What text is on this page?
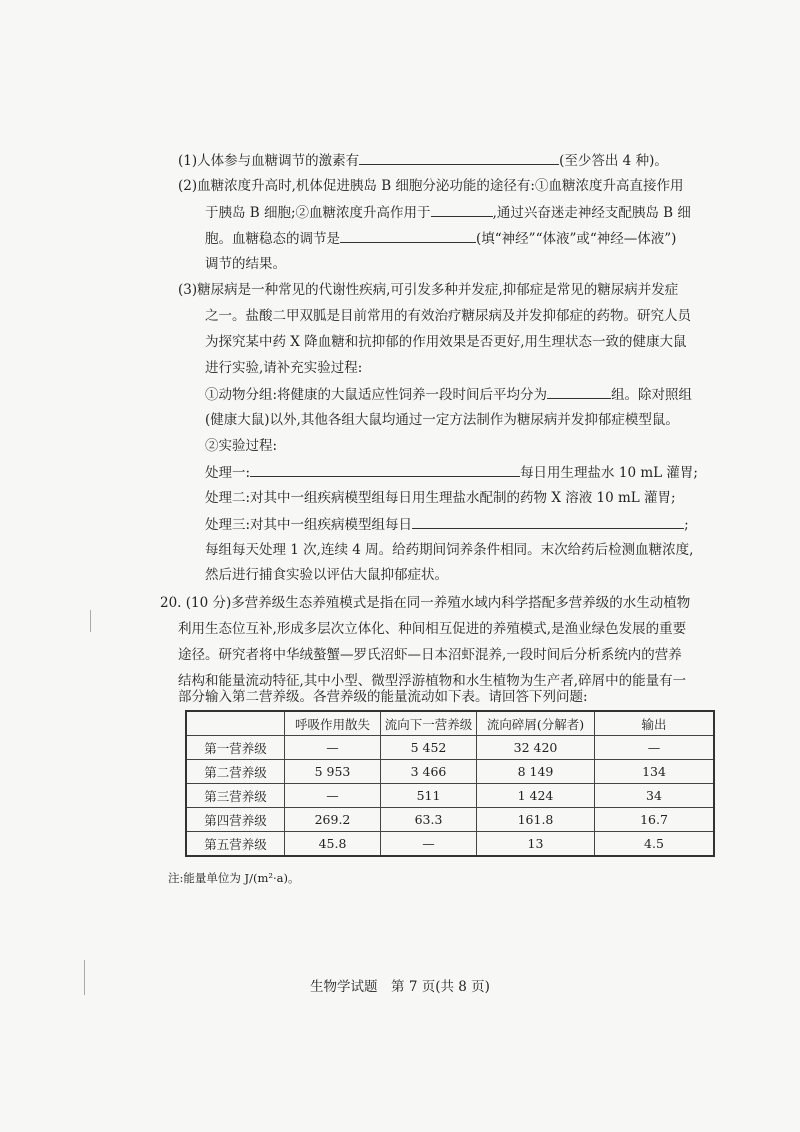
(1)人体参与血糖调节的激素有	(至少答出 4 种)。
(2)血糖浓度升高时,机体促进胰岛 B 细胞分泌功能的途径有:①血糖浓度升高直接作用
于胰岛 B 细胞;②血糖浓度升高作用于	,通过兴奋迷走神经支配胰岛 B 细
胞。血糖稳态的调节是	(填“神经”“体液”或“神经—体液”)
调节的结果。
(3)糖尿病是一种常见的代谢性疾病,可引发多种并发症,抑郁症是常见的糖尿病并发症
之一。盐酸二甲双胍是目前常用的有效治疗糖尿病及并发抑郁症的药物。研究人员
为探究某中药 X 降血糖和抗抑郁的作用效果是否更好,用生理状态一致的健康大鼠
进行实验,请补充实验过程:
①动物分组:将健康的大鼠适应性饲养一段时间后平均分为	组。除对照组
(健康大鼠)以外,其他各组大鼠均通过一定方法制作为糖尿病并发抑郁症模型鼠。
②实验过程:
处理一:	每日用生理盐水 10 mL 灌胃;
处理二:对其中一组疾病模型组每日用生理盐水配制的药物 X 溶液 10 mL 灌胃;
处理三:对其中一组疾病模型组每日	;
每组每天处理 1 次,连续 4 周。给药期间饲养条件相同。末次给药后检测血糖浓度,
然后进行捕食实验以评估大鼠抑郁症状。
20. (10 分)多营养级生态养殖模式是指在同一养殖水域内科学搭配多营养级的水生动植物
利用生态位互补,形成多层次立体化、种间相互促进的养殖模式,是渔业绿色发展的重要
途径。研究者将中华绒螯蟹—罗氏沼虾—日本沼虾混养,一段时间后分析系统内的营养
结构和能量流动特征,其中小型、微型浮游植物和水生植物为生产者,碎屑中的能量有一
部分输入第二营养级。各营养级的能量流动如下表。请回答下列问题:
	呼吸作用散失	流向下一营养级	流向碎屑(分解者)	输出
第一营养级	—	5 452	32 420	—
第二营养级	5 953	3 466	8 149	134
第三营养级	—	511	1 424	34
第四营养级	269.2	63.3	161.8	16.7
第五营养级	45.8	—	13	4.5
注:能量单位为 J/(m²·a)。
生物学试题　第 7 页(共 8 页)
